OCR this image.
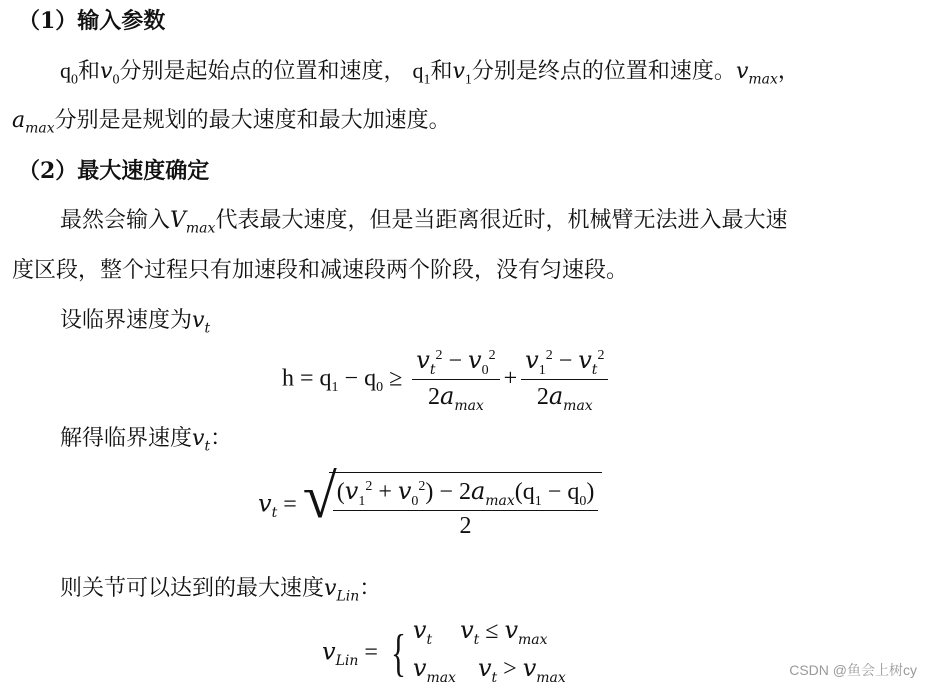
（1）输入参数
$q_0$和$v_0$分别是起始点的位置和速度， $q_1$和$v_1$分别是终点的位置和速度。$v_{max}$，
$a_{max}$分别是是规划的最大速度和最大加速度。
（2）最大速度确定
最然会输入$V_{max}$代表最大速度，但是当距离很近时，机械臂无法进入最大速
度区段，整个过程只有加速段和减速段两个阶段，没有匀速段。
设临界速度为$v_t$
$h = q_1 - q_0 \ge \frac{v_t^2 - v_0^2}{2a_{max}} + \frac{v_1^2 - v_t^2}{2a_{max}}$
解得临界速度$v_t$：
$v_t$ = √
$\frac{(v_1^2 + v_0^2) - 2a_{max}(q_1 - q_0)}{2}$
则关节可以达到的最大速度$v_{Lin}$：
$v_{Lin}$ = { $v_t$ $v_t \le v_{max}$
$v_{max}$ $v_t > v_{max}$	CSDN @鱼会上树cy
